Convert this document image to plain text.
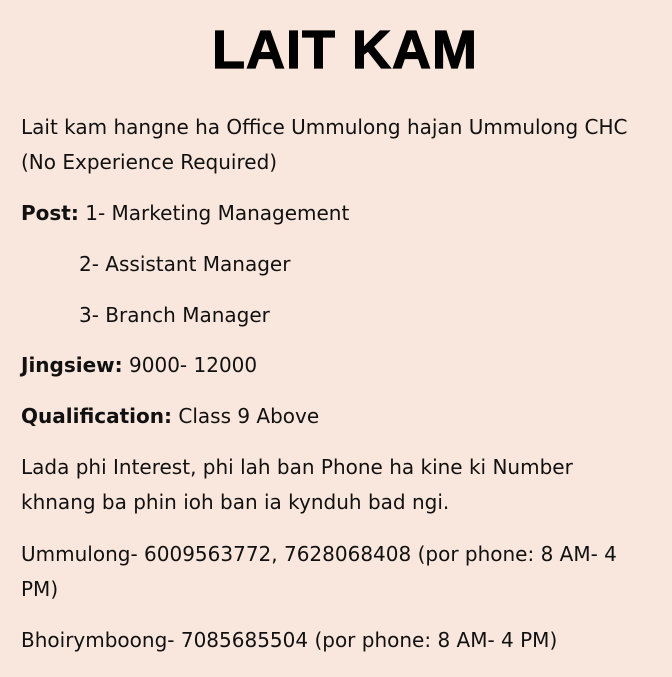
LAIT KAM
Lait kam hangne ha Office Ummulong hajan Ummulong CHC
(No Experience Required)
Post: 1- Marketing Management
2- Assistant Manager
3- Branch Manager
Jingsiew: 9000- 12000
Qualification: Class 9 Above
Lada phi Interest, phi lah ban Phone ha kine ki Number
khnang ba phin ioh ban ia kynduh bad ngi.
Ummulong- 6009563772, 7628068408 (por phone: 8 AM- 4
PM)
Bhoirymboong- 7085685504 (por phone: 8 AM- 4 PM)
